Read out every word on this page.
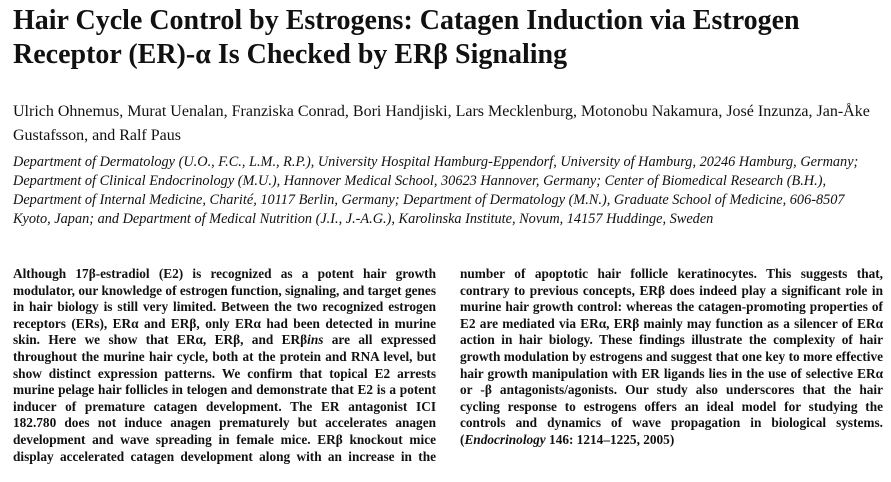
Hair Cycle Control by Estrogens: Catagen Induction via Estrogen Receptor (ER)-α Is Checked by ERβ Signaling

Ulrich Ohnemus, Murat Uenalan, Franziska Conrad, Bori Handjiski, Lars Mecklenburg, Motonobu Nakamura, José Inzunza, Jan-Åke Gustafsson, and Ralf Paus

Department of Dermatology (U.O., F.C., L.M., R.P.), University Hospital Hamburg-Eppendorf, University of Hamburg, 20246 Hamburg, Germany; Department of Clinical Endocrinology (M.U.), Hannover Medical School, 30623 Hannover, Germany; Center of Biomedical Research (B.H.), Department of Internal Medicine, Charité, 10117 Berlin, Germany; Department of Dermatology (M.N.), Graduate School of Medicine, 606-8507 Kyoto, Japan; and Department of Medical Nutrition (J.I., J.-A.G.), Karolinska Institute, Novum, 14157 Huddinge, Sweden

Although 17β-estradiol (E2) is recognized as a potent hair growth modulator, our knowledge of estrogen function, signaling, and target genes in hair biology is still very limited. Between the two recognized estrogen receptors (ERs), ERα and ERβ, only ERα had been detected in murine skin. Here we show that ERα, ERβ, and ERβins are all expressed throughout the murine hair cycle, both at the protein and RNA level, but show distinct expression patterns. We confirm that topical E2 arrests murine pelage hair follicles in telogen and demonstrate that E2 is a potent inducer of premature catagen development. The ER antagonist ICI 182.780 does not induce anagen prematurely but accelerates anagen development and wave spreading in female mice. ERβ knockout mice display accelerated catagen development along with an increase in the number of apoptotic hair follicle keratinocytes. This suggests that, contrary to previous concepts, ERβ does indeed play a significant role in murine hair growth control: whereas the catagen-promoting properties of E2 are mediated via ERα, ERβ mainly may function as a silencer of ERα action in hair biology. These findings illustrate the complexity of hair growth modulation by estrogens and suggest that one key to more effective hair growth manipulation with ER ligands lies in the use of selective ERα or -β antagonists/agonists. Our study also underscores that the hair cycling response to estrogens offers an ideal model for studying the controls and dynamics of wave propagation in biological systems. (Endocrinology 146: 1214–1225, 2005)
